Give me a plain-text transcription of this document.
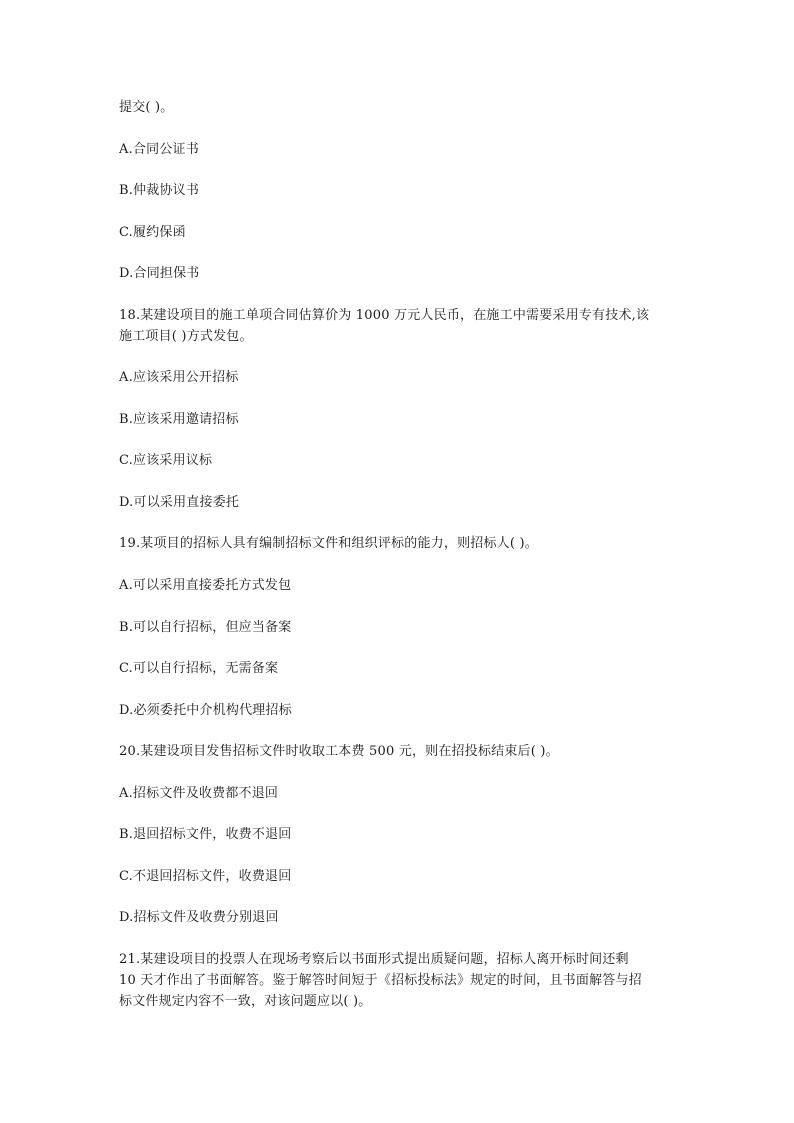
提交( )。
A.合同公证书
B.仲裁协议书
C.履约保函
D.合同担保书
18.某建设项目的施工单项合同估算价为 1000 万元人民币，在施工中需要采用专有技术,该
施工项目( )方式发包。
A.应该采用公开招标
B.应该采用邀请招标
C.应该采用议标
D.可以采用直接委托
19.某项目的招标人具有编制招标文件和组织评标的能力，则招标人( )。
A.可以采用直接委托方式发包
B.可以自行招标，但应当备案
C.可以自行招标，无需备案
D.必须委托中介机构代理招标
20.某建设项目发售招标文件时收取工本费 500 元，则在招投标结束后( )。
A.招标文件及收费都不退回
B.退回招标文件，收费不退回
C.不退回招标文件，收费退回
D.招标文件及收费分别退回
21.某建设项目的投票人在现场考察后以书面形式提出质疑问题，招标人离开标时间还剩
10 天才作出了书面解答。鉴于解答时间短于《招标投标法》规定的时间，且书面解答与招
标文件规定内容不一致，对该问题应以( )。
